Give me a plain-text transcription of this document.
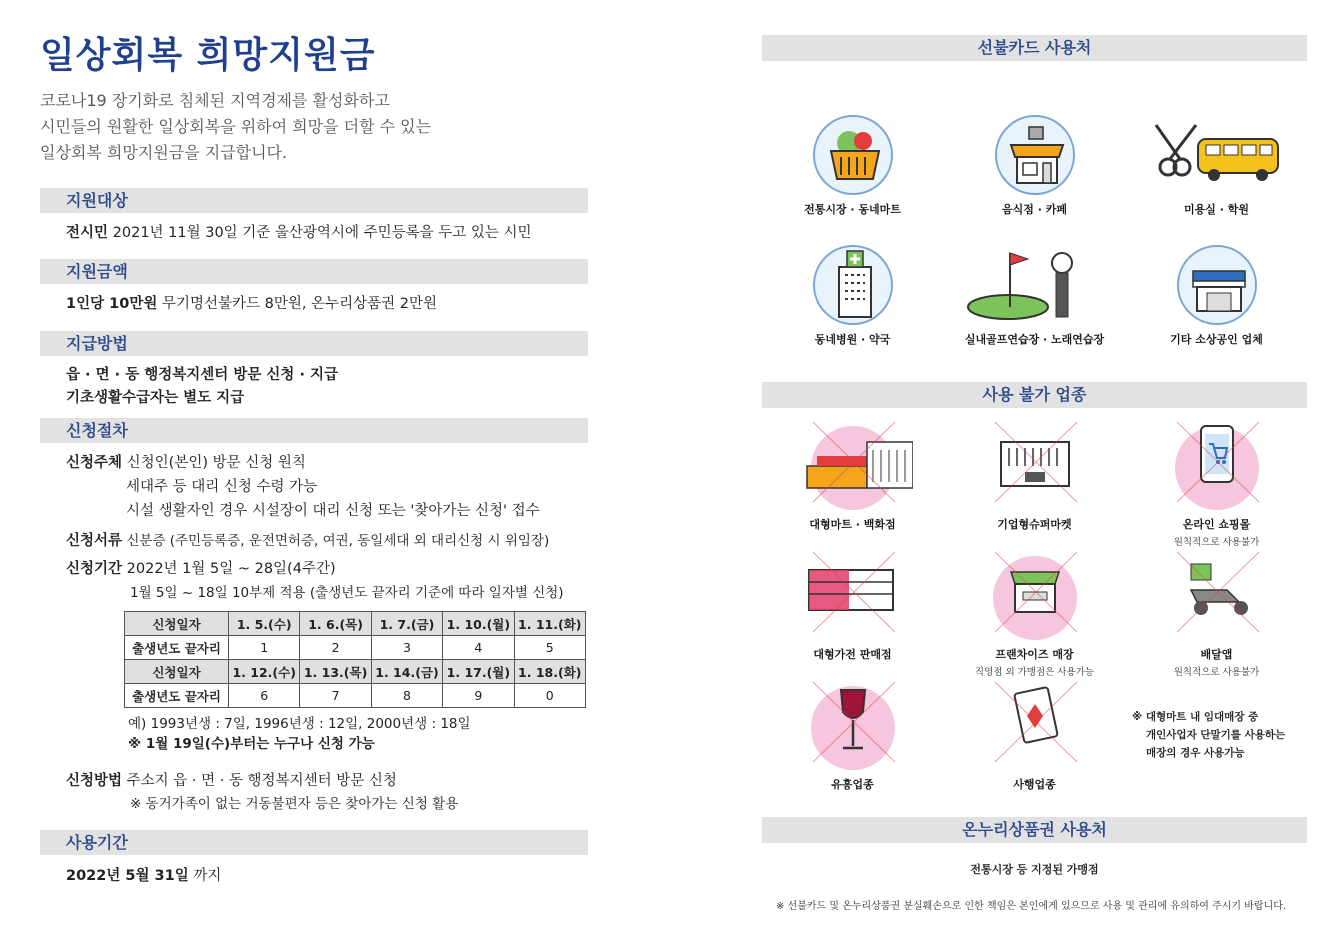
일상회복 희망지원금
코로나19 장기화로 침체된 지역경제를 활성화하고
시민들의 원활한 일상회복을 위하여 희망을 더할 수 있는
일상회복 희망지원금을 지급합니다.
지원대상
전시민 2021년 11월 30일 기준 울산광역시에 주민등록을 두고 있는 시민
지원금액
1인당 10만원 무기명선불카드 8만원, 온누리상품권 2만원
지급방법
읍 · 면 · 동 행정복지센터 방문 신청 · 지급
기초생활수급자는 별도 지급
신청절차
신청주체 신청인(본인) 방문 신청 원칙
세대주 등 대리 신청 수령 가능
시설 생활자인 경우 시설장이 대리 신청 또는 '찾아가는 신청' 접수
신청서류 신분증 (주민등록증, 운전면허증, 여권, 동일세대 외 대리신청 시 위임장)
신청기간 2022년 1월 5일 ~ 28일(4주간)
1월 5일 ~ 18일 10부제 적용 (출생년도 끝자리 기준에 따라 일자별 신청)
신청일자	1. 5.(수)	1. 6.(목)	1. 7.(금)	1. 10.(월)	1. 11.(화)
출생년도 끝자리	1	2	3	4	5
신청일자	1. 12.(수)	1. 13.(목)	1. 14.(금)	1. 17.(월)	1. 18.(화)
출생년도 끝자리	6	7	8	9	0
예) 1993년생 : 7일, 1996년생 : 12일, 2000년생 : 18일
※ 1월 19일(수)부터는 누구나 신청 가능
신청방법 주소지 읍 · 면 · 동 행정복지센터 방문 신청
※ 동거가족이 없는 거동불편자 등은 찾아가는 신청 활용
사용기간
2022년 5월 31일 까지
선불카드 사용처
전통시장 · 동네마트	음식점 · 카페	미용실 · 학원
동네병원 · 약국	실내골프연습장 · 노래연습장	기타 소상공인 업체
사용 불가 업종
대형마트 · 백화점	기업형슈퍼마켓	온라인 쇼핑몰
원칙적으로 사용불가
대형가전 판매점	프랜차이즈 매장
직영점 외 가맹점은 사용가능
배달앱
원칙적으로 사용불가
유흥업종	사행업종
※ 대형마트 내 임대매장 중
개인사업자 단말기를 사용하는
매장의 경우 사용가능
온누리상품권 사용처
전통시장 등 지정된 가맹점
※ 선불카드 및 온누리상품권 분실훼손으로 인한 책임은 본인에게 있으므로 사용 및 관리에 유의하여 주시기 바랍니다.
